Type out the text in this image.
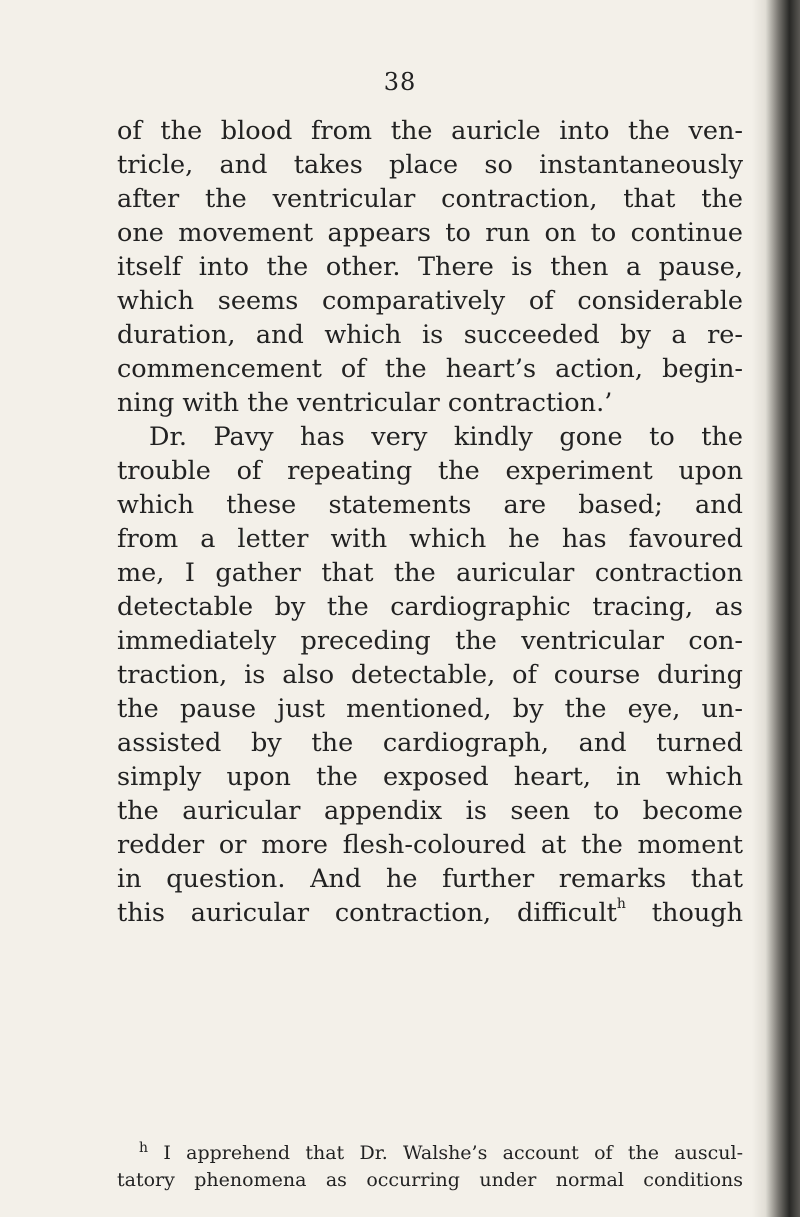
38
of the blood from the auricle into the ven-
tricle, and takes place so instantaneously
after the ventricular contraction, that the
one movement appears to run on to continue
itself into the other. There is then a pause,
which seems comparatively of considerable
duration, and which is succeeded by a re-
commencement of the heart’s action, begin-
ning with the ventricular contraction.’
Dr. Pavy has very kindly gone to the
trouble of repeating the experiment upon
which these statements are based; and
from a letter with which he has favoured
me, I gather that the auricular contraction
detectable by the cardiographic tracing, as
immediately preceding the ventricular con-
traction, is also detectable, of course during
the pause just mentioned, by the eye, un-
assisted by the cardiograph, and turned
simply upon the exposed heart, in which
the auricular appendix is seen to become
redder or more flesh-coloured at the moment
in question. And he further remarks that
this auricular contraction, difficult$^h$ though
$^h$ I apprehend that Dr. Walshe’s account of the auscul-
tatory phenomena as occurring under normal conditions
